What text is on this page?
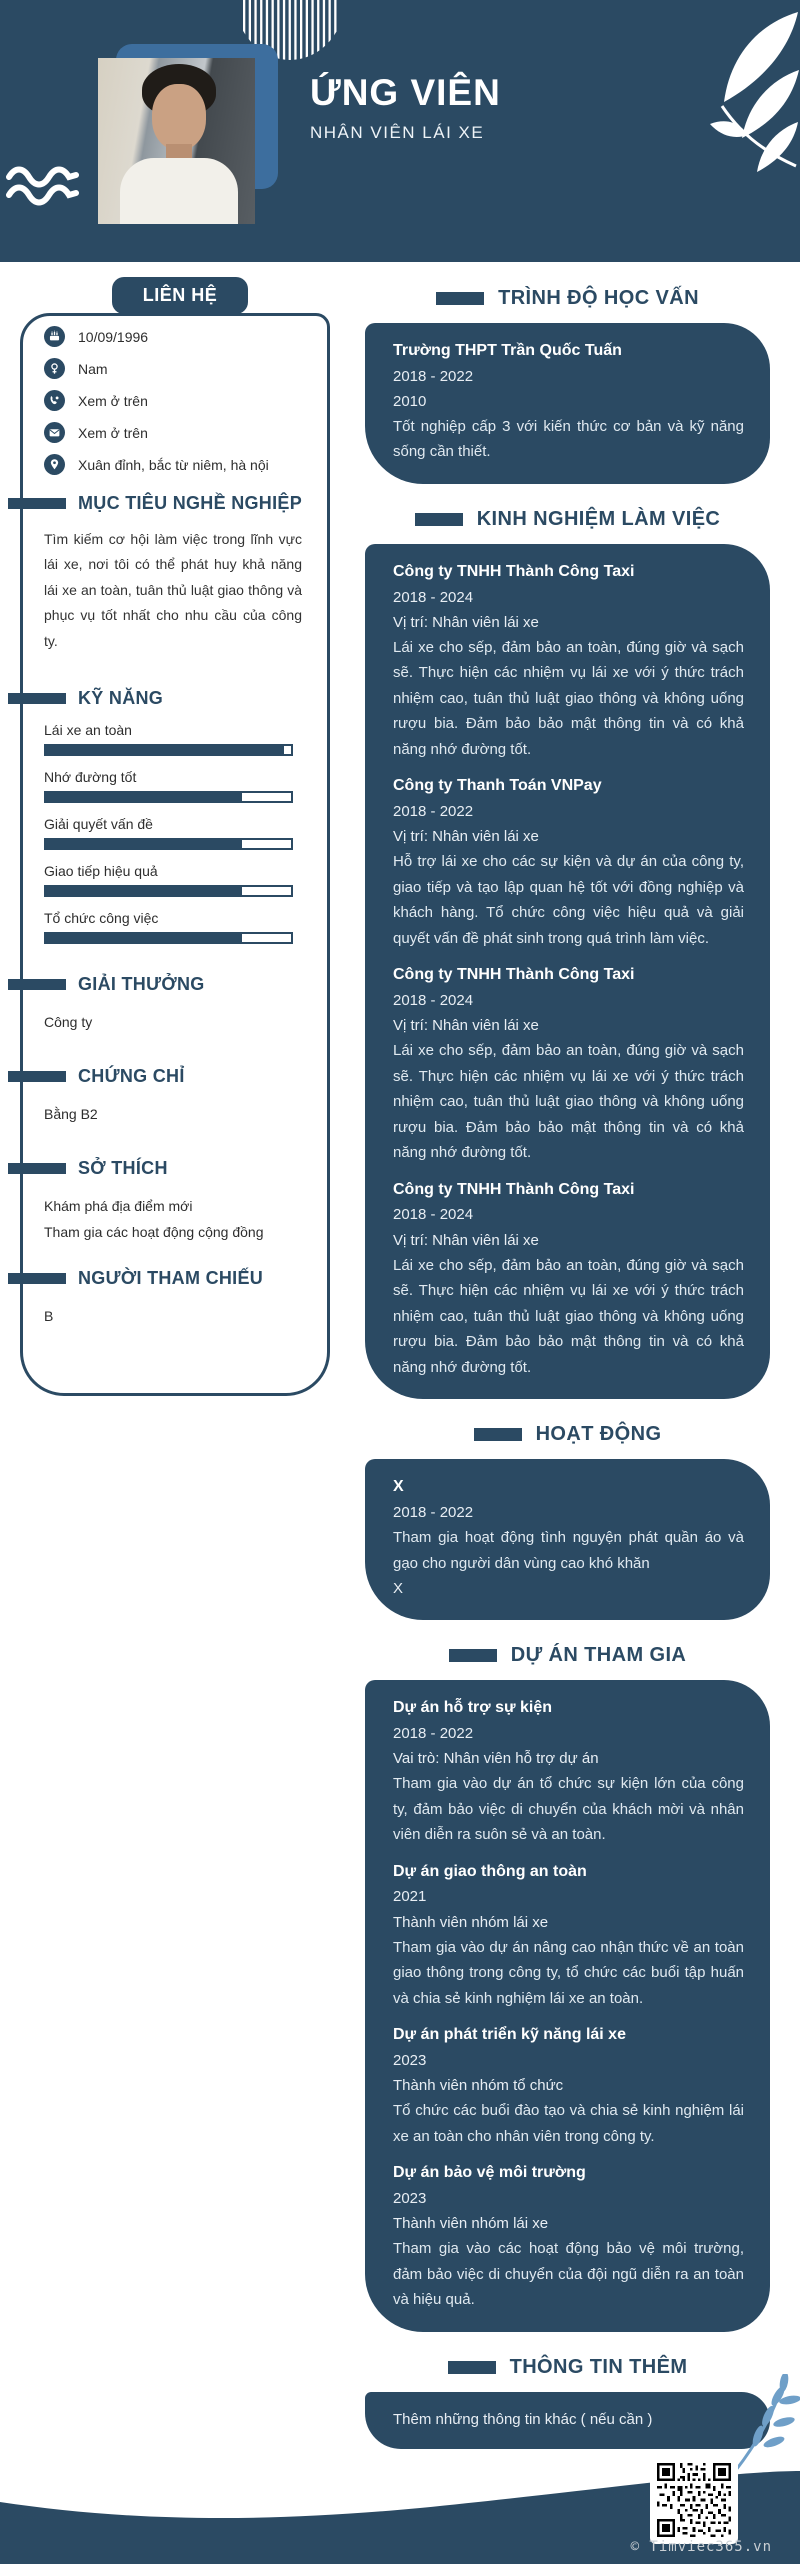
ỨNG VIÊN
NHÂN VIÊN LÁI XE
LIÊN HỆ
10/09/1996
Nam
Xem ở trên
Xem ở trên
Xuân đỉnh, bắc từ niêm, hà nội
MỤC TIÊU NGHỀ NGHIỆP
Tìm kiếm cơ hội làm việc trong lĩnh vực lái xe, nơi tôi có thể phát huy khả năng lái xe an toàn, tuân thủ luật giao thông và phục vụ tốt nhất cho nhu cầu của công ty.
KỸ NĂNG
Lái xe an toàn
Nhớ đường tốt
Giải quyết vấn đề
Giao tiếp hiệu quả
Tổ chức công việc
GIẢI THƯỞNG
Công ty
CHỨNG CHỈ
Bằng B2
SỞ THÍCH
Khám phá địa điểm mới
Tham gia các hoạt động cộng đồng
NGƯỜI THAM CHIẾU
B
TRÌNH ĐỘ HỌC VẤN
Trường THPT Trần Quốc Tuấn
2018 - 2022
2010
Tốt nghiệp cấp 3 với kiến thức cơ bản và kỹ năng sống cần thiết.
KINH NGHIỆM LÀM VIỆC
Công ty TNHH Thành Công Taxi
2018 - 2024
Vị trí: Nhân viên lái xe
Lái xe cho sếp, đảm bảo an toàn, đúng giờ và sạch sẽ. Thực hiện các nhiệm vụ lái xe với ý thức trách nhiệm cao, tuân thủ luật giao thông và không uống rượu bia. Đảm bảo bảo mật thông tin và có khả năng nhớ đường tốt.
Công ty Thanh Toán VNPay
2018 - 2022
Vị trí: Nhân viên lái xe
Hỗ trợ lái xe cho các sự kiện và dự án của công ty, giao tiếp và tạo lập quan hệ tốt với đồng nghiệp và khách hàng. Tổ chức công việc hiệu quả và giải quyết vấn đề phát sinh trong quá trình làm việc.
Công ty TNHH Thành Công Taxi
2018 - 2024
Vị trí: Nhân viên lái xe
Lái xe cho sếp, đảm bảo an toàn, đúng giờ và sạch sẽ. Thực hiện các nhiệm vụ lái xe với ý thức trách nhiệm cao, tuân thủ luật giao thông và không uống rượu bia. Đảm bảo bảo mật thông tin và có khả năng nhớ đường tốt.
Công ty TNHH Thành Công Taxi
2018 - 2024
Vị trí: Nhân viên lái xe
Lái xe cho sếp, đảm bảo an toàn, đúng giờ và sạch sẽ. Thực hiện các nhiệm vụ lái xe với ý thức trách nhiệm cao, tuân thủ luật giao thông và không uống rượu bia. Đảm bảo bảo mật thông tin và có khả năng nhớ đường tốt.
HOẠT ĐỘNG
X
2018 - 2022
Tham gia hoạt động tình nguyện phát quần áo và gạo cho người dân vùng cao khó khăn
X
DỰ ÁN THAM GIA
Dự án hỗ trợ sự kiện
2018 - 2022
Vai trò: Nhân viên hỗ trợ dự án
Tham gia vào dự án tổ chức sự kiện lớn của công ty, đảm bảo việc di chuyển của khách mời và nhân viên diễn ra suôn sẻ và an toàn.
Dự án giao thông an toàn
2021
Thành viên nhóm lái xe
Tham gia vào dự án nâng cao nhận thức về an toàn giao thông trong công ty, tổ chức các buổi tập huấn và chia sẻ kinh nghiệm lái xe an toàn.
Dự án phát triển kỹ năng lái xe
2023
Thành viên nhóm tổ chức
Tổ chức các buổi đào tạo và chia sẻ kinh nghiệm lái xe an toàn cho nhân viên trong công ty.
Dự án bảo vệ môi trường
2023
Thành viên nhóm lái xe
Tham gia vào các hoạt động bảo vệ môi trường, đảm bảo việc di chuyển của đội ngũ diễn ra an toàn và hiệu quả.
THÔNG TIN THÊM
Thêm những thông tin khác ( nếu cần )
© Timviec365.vn
